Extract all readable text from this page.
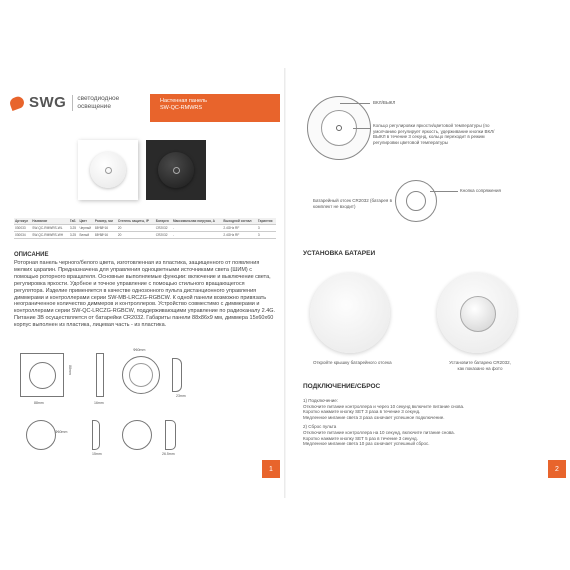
SWG светодиодное
освещение
Настенная панель
SW-QC-RMWRS
Артикул	Название	Габ.	Цвет	Размер, мм	Степень защиты, IP	Батарея	Максимальная нагрузка, А	Выходной сигнал	Гарантия
030033	SW-QC-RMWRS-WL	3.25	Черный	88*88*16	20	CR2032	-	2.4GHz RF	3
030034	SW-QC-RMWRS-WH	3.25	Белый	88*88*16	20	CR2032	-	2.4GHz RF	3
ОПИСАНИЕ
Роторная панель черного/белого цвета, изготовленная из пластика, защищенного от появления мелких царапин. Предназначена для управления одноцветными источниками света (ШИМ) с помощью роторного вращателя. Основные выполняемые функции: включение и выключение света, регулировка яркости. Удобное и точное управление с помощью стильного вращающегося регулятора. Изделие применяется в качестве однозонного пульта дистанционного управления диммерами и контроллерами серии SW-MB-LRCZG-RGBCW. К одной панели возможно привязать неограниченное количество диммеров и контроллеров. Устройство совместимо с диммерами и контроллерами серии SW-QC-LRCZG-RGBCW, поддерживающими управление по радиоканалу 2.4G. Питание 3В осуществляется от батарейки CR2032. Габариты панели 88х86х9 мм, диммера 15х60х60 корпус выполнен из пластика, лицевая часть - из пластика.
88mm
88mm
16mm
Ф60mm
23mm
Ф60mm
15mm	26.5mm
1
ВКЛ/ВЫКЛ
Кольцо регулировки яркости/цветовой температуры (по умолчанию регулирует яркость, удерживание кнопки ВКЛ/ВЫКЛ в течение 3 секунд, кольцо переходит в режим регулировки цветовой температуры
Кнопка сопряжения
Батарейный отсек CR2032 (батарея в комплект не входит)
УСТАНОВКА БАТАРЕИ
Откройте крышку батарейного отсека	Установите батарею CR2032,
как показано на фото
ПОДКЛЮЧЕНИЕ/СБРОС
1) Подключение:
Отключите питание контроллера и через 10 секунд включите питание снова.
Коротко нажмите кнопку SET 3 раза в течение 3 секунд.
Медленное мигание света 3 раза означает успешное подключение.
2) Сброс пульта
Отключите питание контроллера на 10 секунд, включите питание снова.
Коротко нажмите кнопку SET 5 раз в течение 3 секунд.
Медленное мигание света 10 раз означает успешный сброс.
2
